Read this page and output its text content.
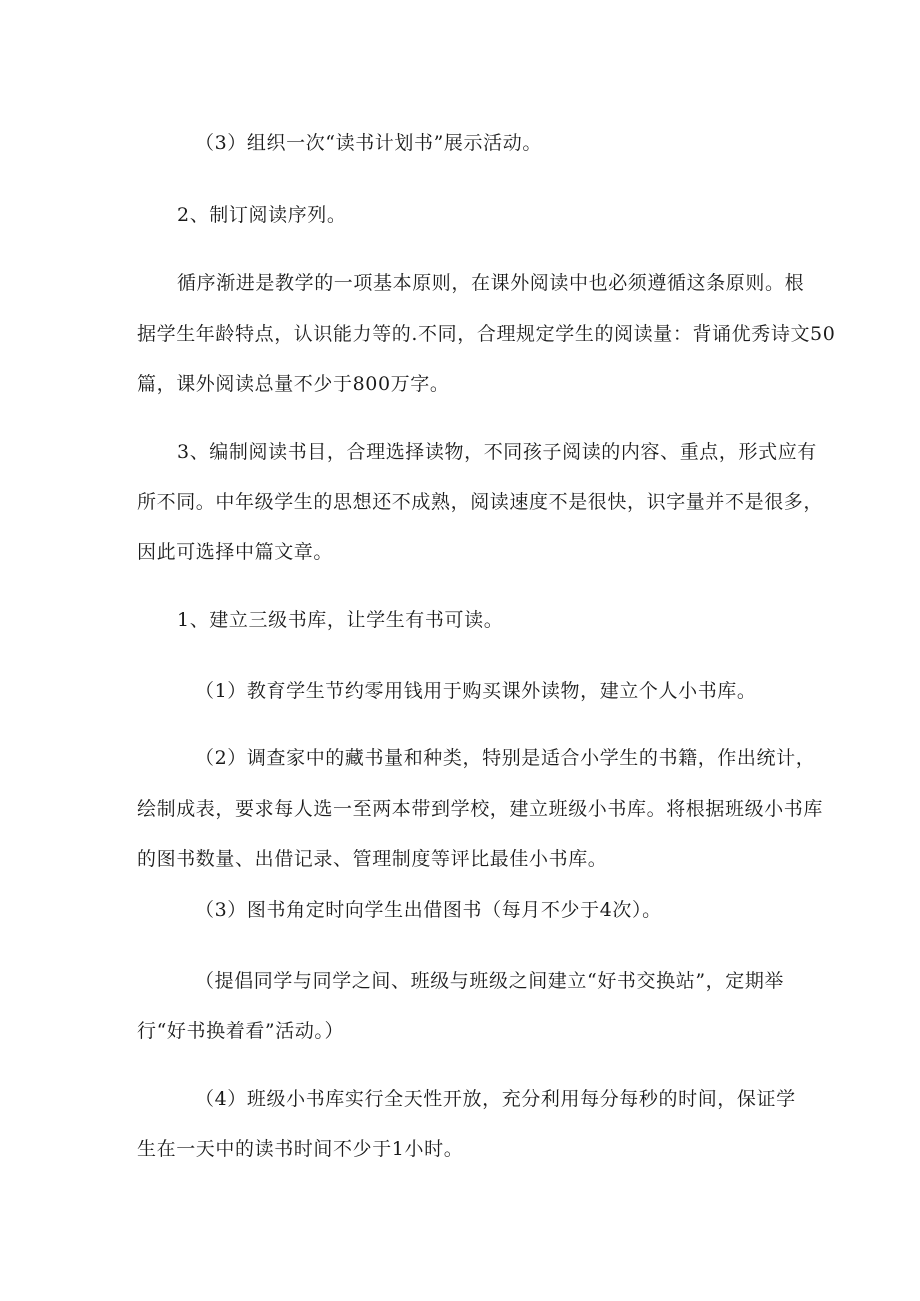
（3）组织一次“读书计划书”展示活动。
2、制订阅读序列。
循序渐进是教学的一项基本原则，在课外阅读中也必须遵循这条原则。根
据学生年龄特点，认识能力等的.不同，合理规定学生的阅读量：背诵优秀诗文50
篇，课外阅读总量不少于800万字。
3、编制阅读书目，合理选择读物，不同孩子阅读的内容、重点，形式应有
所不同。中年级学生的思想还不成熟，阅读速度不是很快，识字量并不是很多，
因此可选择中篇文章。
1、建立三级书库，让学生有书可读。
（1）教育学生节约零用钱用于购买课外读物，建立个人小书库。
（2）调查家中的藏书量和种类，特别是适合小学生的书籍，作出统计，
绘制成表，要求每人选一至两本带到学校，建立班级小书库。将根据班级小书库
的图书数量、出借记录、管理制度等评比最佳小书库。
（3）图书角定时向学生出借图书（每月不少于4次）。
（提倡同学与同学之间、班级与班级之间建立“好书交换站”，定期举
行“好书换着看”活动。）
（4）班级小书库实行全天性开放，充分利用每分每秒的时间，保证学
生在一天中的读书时间不少于1小时。
